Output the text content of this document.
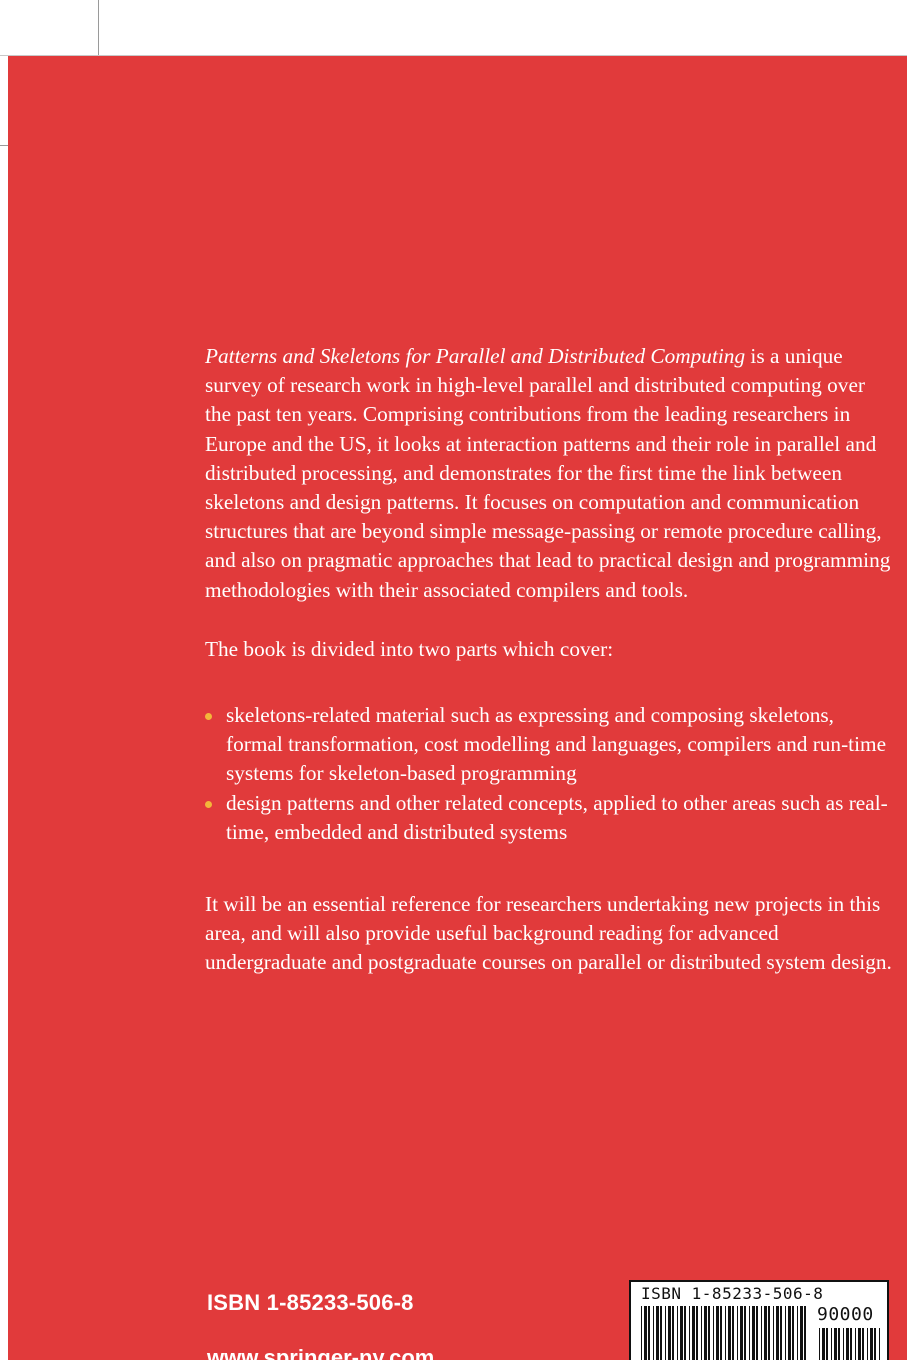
Patterns and Skeletons for Parallel and Distributed Computing is a unique survey of research work in high-level parallel and distributed computing over the past ten years. Comprising contributions from the leading researchers in Europe and the US, it looks at interaction patterns and their role in parallel and distributed processing, and demonstrates for the first time the link between skeletons and design patterns. It focuses on computation and communication structures that are beyond simple message-passing or remote procedure calling, and also on pragmatic approaches that lead to practical design and programming methodologies with their associated compilers and tools.

The book is divided into two parts which cover:

skeletons-related material such as expressing and composing skeletons, formal transformation, cost modelling and languages, compilers and run-time systems for skeleton-based programming
design patterns and other related concepts, applied to other areas such as real-time, embedded and distributed systems

It will be an essential reference for researchers undertaking new projects in this area, and will also provide useful background reading for advanced undergraduate and postgraduate courses on parallel or distributed system design.

ISBN 1-85233-506-8
www.springer-ny.com
ISBN 1-85233-506-8
90000
